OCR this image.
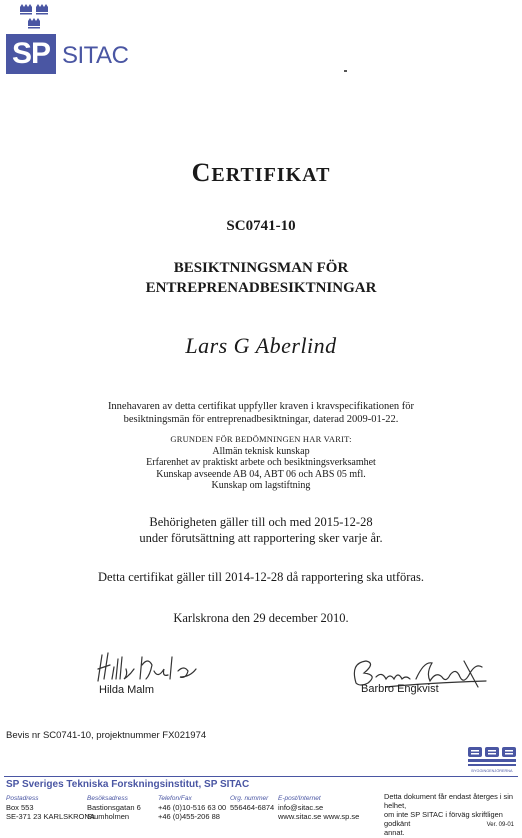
SP SITAC
CERTIFIKAT
SC0741-10
BESIKTNINGSMAN FÖR
ENTREPRENADBESIKTNINGAR
Lars G Aberlind
Innehavaren av detta certifikat uppfyller kraven i kravspecifikationen för
besiktningsmän för entreprenadbesiktningar, daterad 2009-01-22.
GRUNDEN FÖR BEDÖMNINGEN HAR VARIT:
Allmän teknisk kunskap
Erfarenhet av praktiskt arbete och besiktningsverksamhet
Kunskap avseende AB 04, ABT 06 och ABS 05 mfl.
Kunskap om lagstiftning
Behörigheten gäller till och med 2015-12-28
under förutsättning att rapportering sker varje år.
Detta certifikat gäller till 2014-12-28 då rapportering ska utföras.
Karlskrona den 29 december 2010.
Hilda Malm	Barbro Engkvist
Bevis nr SC0741-10, projektnummer FX021974
BYGGINGENJÖRERNA
SP Sveriges Tekniska Forskningsinstitut, SP SITAC
Postadress
Box 553
SE-371 23 KARLSKRONA
Besöksadress
Bastionsgatan 6
Stumholmen
Telefon/Fax
+46 (0)10-516 63 00
+46 (0)455-206 88
Org. nummer
556464-6874
E-post/Internet
info@sitac.se
www.sitac.se www.sp.se
Detta dokument får endast återges i sin helhet,
om inte SP SITAC i förväg skriftligen godkänt
annat.
Ver. 09-01
